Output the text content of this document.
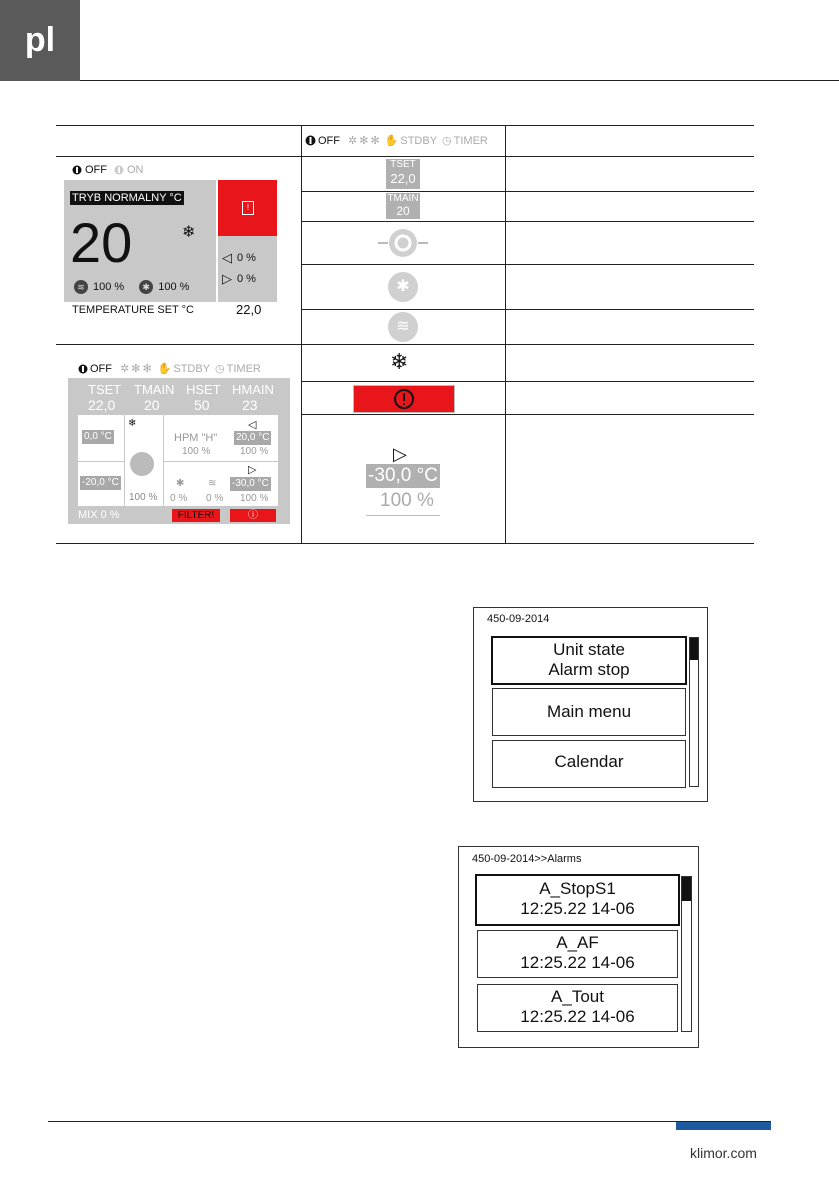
pl
OFF ✲ ✻ ✻ ✋ STDBY ◷ TIMER
OFF ON
TRYB NORMALNY °C
20	❄
≋ 100 %	✱ 100 %
!
◁ 0 %
▷ 0 %
TEMPERATURE SET °C	22,0
OFF ✲ ✻ ✻ ✋ STDBY ◷ TIMER
TSET TMAIN HSET HMAIN
22,0 20 50 23
0,0 °C
-20,0 °C
❄
100 %
HPM "H"
100 %
◁
20,0 °C
100 %
▷
-30,0 °C
100 %
✱ ≋
0 % 0 %
MIX 0 %	FILTER!	ⓘ
TSET
22,0
TMAIN
20
✱
≋
❄
▷
-30,0 °C
100 %
450-09-2014
Unit state
Alarm stop
Main menu
Calendar
450-09-2014>>Alarms
A_StopS1
12:25.22 14-06
A_AF
12:25.22 14-06
A_Tout
12:25.22 14-06
klimor.com
